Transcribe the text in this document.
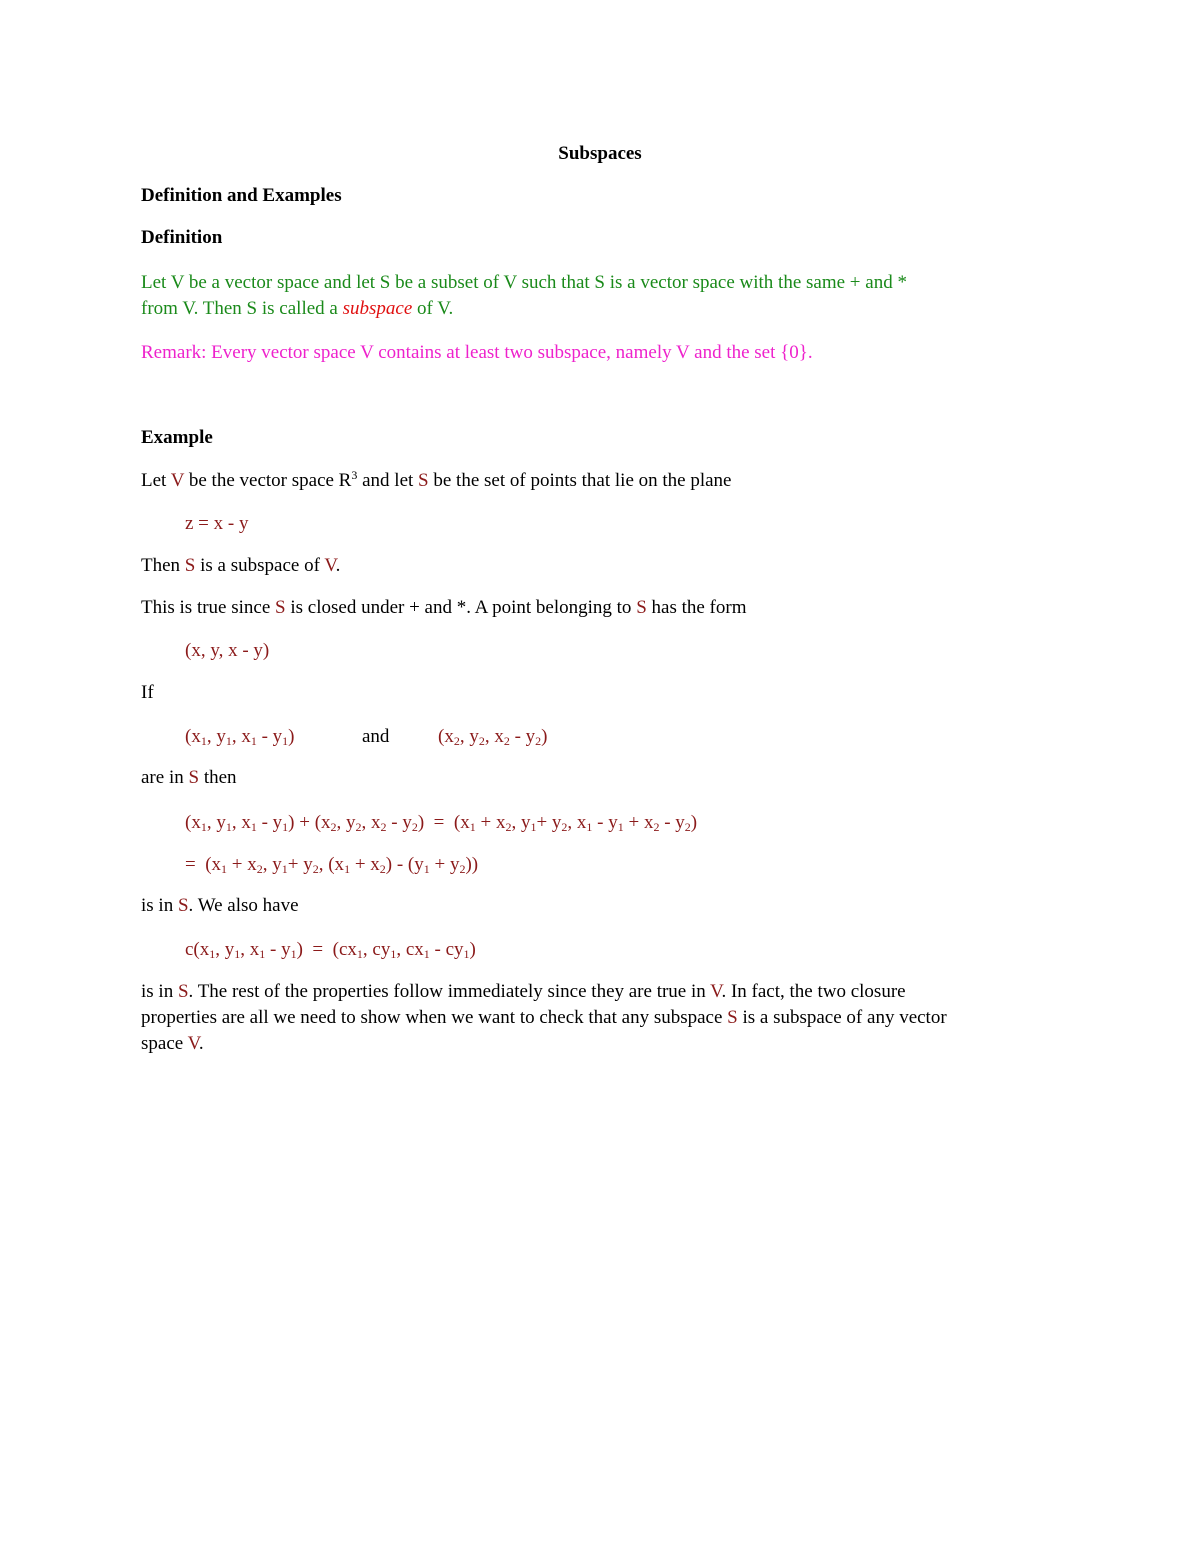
Subspaces
Definition and Examples
Definition
Let V be a vector space and let S be a subset of V such that S is a vector space with the same + and *
from V. Then S is called a subspace of V.
Remark: Every vector space V contains at least two subspace, namely V and the set {0}.
Example
Let V be the vector space $R^3$ and let S be the set of points that lie on the plane
z = x - y
Then S is a subspace of V.
This is true since S is closed under + and *. A point belonging to S has the form
(x, y, x - y)
If
($x_1$, $y_1$, $x_1 - y_1$)	and	($x_2$, $y_2$, $x_2 - y_2$)
are in S then
($x_1$, $y_1$, $x_1 - y_1) + (x_2$, $y_2$, $x_2 - y_2) = (x_1 + x_2$, $y_1+ y_2$, $x_1 - y_1 + x_2 - y_2$)
=  ($x_1 + x_2$, $y_1+ y_2$, $(x_1 + x_2) - (y_1 + y_2)$)
is in S. We also have
$c(x_1$, $y_1$, $x_1 - y_1) = (cx_1$, $cy_1$, $cx_1 - cy_1$)
is in S. The rest of the properties follow immediately since they are true in V. In fact, the two closure
properties are all we need to show when we want to check that any subspace S is a subspace of any vector
space V.
